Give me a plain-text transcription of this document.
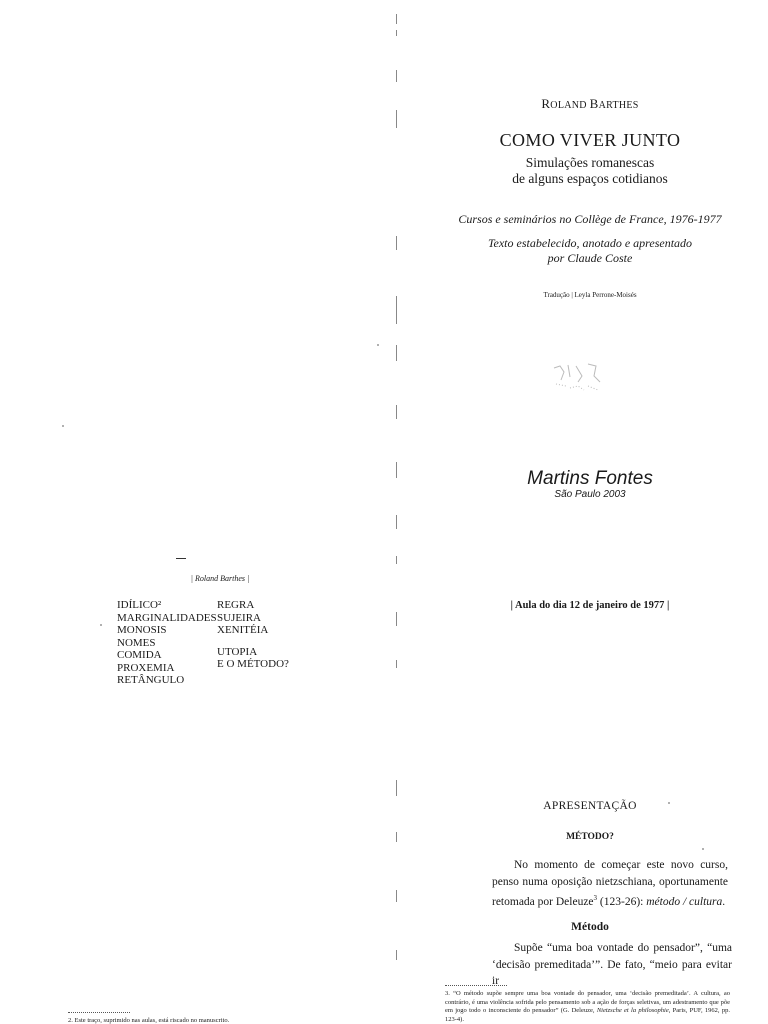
ROLAND BARTHES
COMO VIVER JUNTO
Simulações romanescas
de alguns espaços cotidianos
Cursos e seminários no Collège de France, 1976-1977
Texto estabelecido, anotado e apresentado
por Claude Coste
Tradução | Leyla Perrone-Moisés
Martins Fontes
São Paulo 2003
| Roland Barthes |
IDÍLICO²
MARGINALIDADES
MONOSIS
NOMES
COMIDA
PROXEMIA
RETÂNGULO
REGRA
SUJEIRA
XENITÉIA
UTOPIA
E O MÉTODO?
2. Este traço, suprimido nas aulas, está riscado no manuscrito.
| Aula do dia 12 de janeiro de 1977 |
APRESENTAÇÃO
MÉTODO?
No momento de começar este novo curso, penso numa oposição nietzschiana, oportunamente retomada por Deleuze$^3$ (123-26): método / cultura.
Método
Supõe “uma boa vontade do pensador”, “uma ‘decisão premeditada’”. De fato, “meio para evitar ir
3. “O método supõe sempre uma boa vontade do pensador, uma ‘decisão premeditada’. A cultura, ao contrário, é uma violência sofrida pelo pensamento sob a ação de forças seletivas, um adestramento que põe em jogo todo o inconsciente do pensador” (G. Deleuze, Nietzsche et la philosophie, Paris, PUF, 1962, pp. 123-4).
